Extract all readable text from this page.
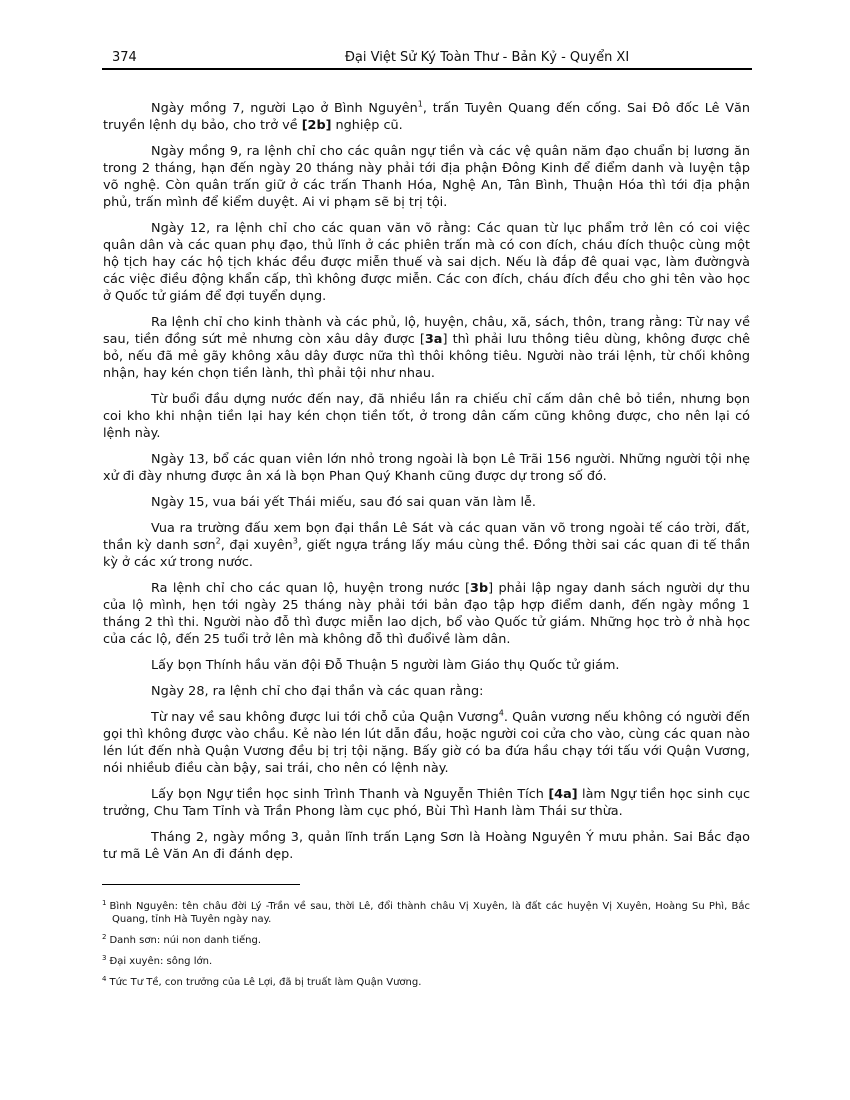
374	Đại Việt Sử Ký Toàn Thư - Bản Kỷ - Quyển XI

Ngày mồng 7, người Lạo ở Bình Nguyên$^1$, trấn Tuyên Quang đến cống. Sai Đô đốc Lê Văn truyền lệnh dụ bảo, cho trở về [2b] nghiệp cũ.

Ngày mồng 9, ra lệnh chỉ cho các quân ngự tiền và các vệ quân năm đạo chuẩn bị lương ăn trong 2 tháng, hạn đến ngày 20 tháng này phải tới địa phận Đông Kinh để điểm danh và luyện tập võ nghệ. Còn quân trấn giữ ở các trấn Thanh Hóa, Nghệ An, Tân Bình, Thuận Hóa thì tới địa phận phủ, trấn mình để kiểm duyệt. Ai vi phạm sẽ bị trị tội.

Ngày 12, ra lệnh chỉ cho các quan văn võ rằng: Các quan từ lục phẩm trở lên có coi việc quân dân và các quan phụ đạo, thủ lĩnh ở các phiên trấn mà có con đích, cháu đích thuộc cùng một hộ tịch hay các hộ tịch khác đều được miễn thuế và sai dịch. Nếu là đắp đê quai vạc, làm đườngvà các việc điều động khẩn cấp, thì không được miễn. Các con đích, cháu đích đều cho ghi tên vào học ở Quốc tử giám để đợi tuyển dụng.

Ra lệnh chỉ cho kinh thành và các phủ, lộ, huyện, châu, xã, sách, thôn, trang rằng: Từ nay về sau, tiền đồng sứt mẻ nhưng còn xâu dây được [3a] thì phải lưu thông tiêu dùng, không được chê bỏ, nếu đã mẻ gãy không xâu dây được nữa thì thôi không tiêu. Người nào trái lệnh, từ chối không nhận, hay kén chọn tiền lành, thì phải tội như nhau.

Từ buổi đầu dựng nước đến nay, đã nhiều lần ra chiếu chỉ cấm dân chê bỏ tiền, nhưng bọn coi kho khi nhận tiền lại hay kén chọn tiền tốt, ở trong dân cấm cũng không được, cho nên lại có lệnh này.

Ngày 13, bổ các quan viên lớn nhỏ trong ngoài là bọn Lê Trãi 156 người. Những người tội nhẹ xử đi đày nhưng được ân xá là bọn Phan Quý Khanh cũng được dự trong số đó.

Ngày 15, vua bái yết Thái miếu, sau đó sai quan văn làm lễ.

Vua ra trường đấu xem bọn đại thần Lê Sát và các quan văn võ trong ngoài tế cáo trời, đất, thần kỳ danh sơn$^2$, đại xuyên$^3$, giết ngựa trắng lấy máu cùng thề. Đồng thời sai các quan đi tế thần kỳ ở các xứ trong nước.

Ra lệnh chỉ cho các quan lộ, huyện trong nước [3b] phải lập ngay danh sách người dự thu của lộ mình, hẹn tới ngày 25 tháng này phải tới bản đạo tập hợp điểm danh, đến ngày mồng 1 tháng 2 thì thi. Người nào đỗ thì được miễn lao dịch, bổ vào Quốc tử giám. Những học trò ở nhà học của các lộ, đến 25 tuổi trở lên mà không đỗ thì đuổivề làm dân.

Lấy bọn Thính hầu văn đội Đỗ Thuận 5 người làm Giáo thụ Quốc tử giám.

Ngày 28, ra lệnh chỉ cho đại thần và các quan rằng:

Từ nay về sau không được lui tới chỗ của Quận Vương$^4$. Quân vương nếu không có người đến gọi thì không được vào chầu. Kẻ nào lén lút dẫn đầu, hoặc người coi cửa cho vào, cùng các quan nào lén lút đến nhà Quận Vương đều bị trị tội nặng. Bấy giờ có ba đứa hầu chạy tới tấu với Quận Vương, nói nhiềub điều càn bậy, sai trái, cho nên có lệnh này.

Lấy bọn Ngự tiền học sinh Trình Thanh và Nguyễn Thiên Tích [4a] làm Ngự tiền học sinh cục trưởng, Chu Tam Tỉnh và Trần Phong làm cục phó, Bùi Thì Hanh làm Thái sư thừa.

Tháng 2, ngày mồng 3, quản lĩnh trấn Lạng Sơn là Hoàng Nguyên Ý mưu phản. Sai Bắc đạo tư mã Lê Văn An đi đánh dẹp.

$^1$ Bình Nguyên: tên châu đời Lý -Trần về sau, thời Lê, đổi thành châu Vị Xuyên, là đất các huyện Vị Xuyên, Hoàng Su Phì, Bắc Quang, tỉnh Hà Tuyên ngày nay.
$^2$ Danh sơn: núi non danh tiếng.
$^3$ Đại xuyên: sông lớn.
$^4$ Tức Tư Tề, con trưởng của Lê Lợi, đã bị truất làm Quận Vương.
